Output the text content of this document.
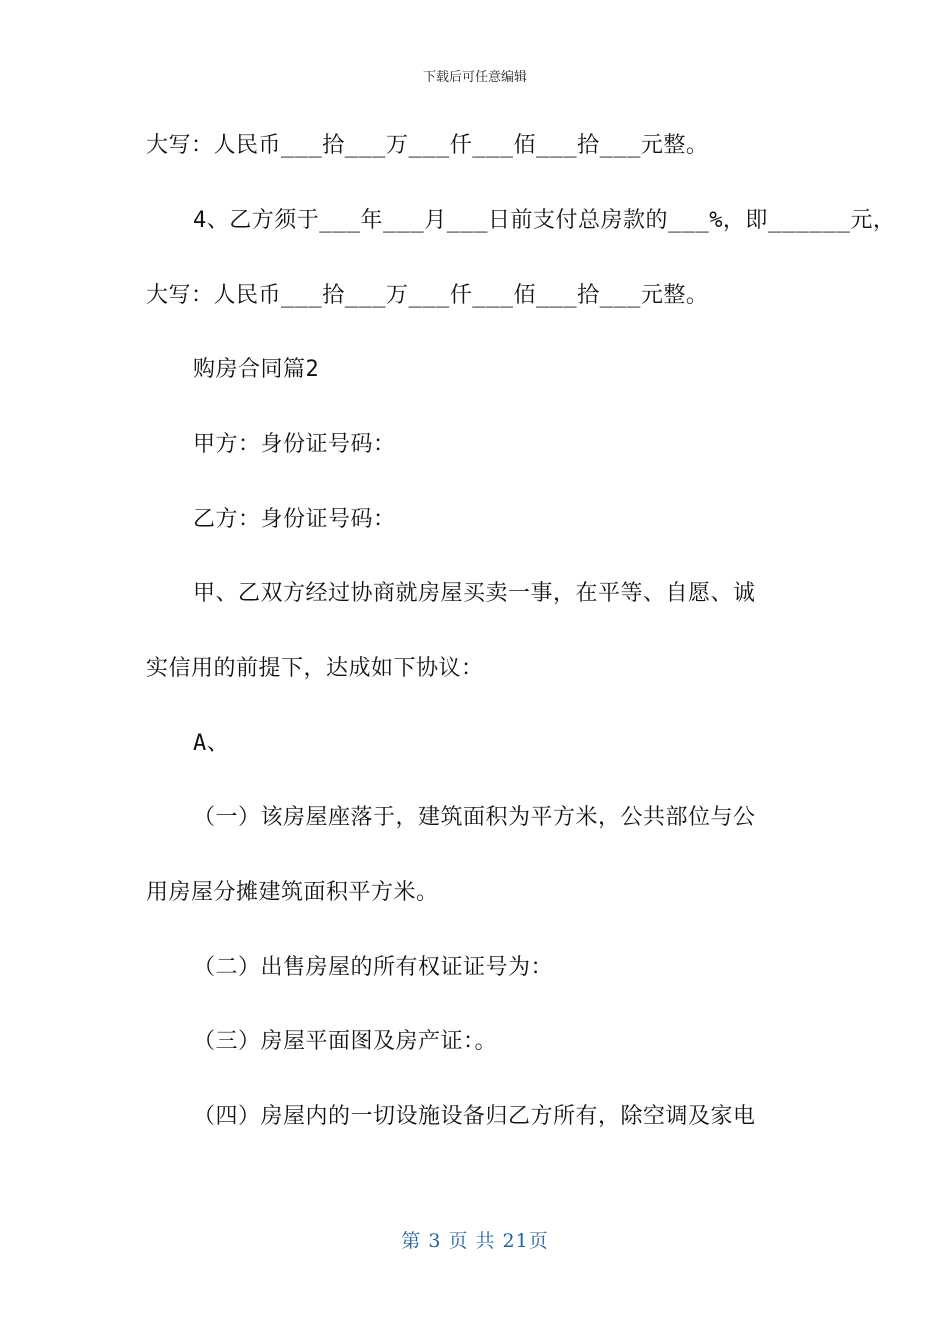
下载后可任意编辑
大写：人民币___拾___万___仟___佰___拾___元整。
4、乙方须于___年___月___日前支付总房款的___%，即______元，
大写：人民币___拾___万___仟___佰___拾___元整。
购房合同篇2
甲方：身份证号码：
乙方：身份证号码：
甲、乙双方经过协商就房屋买卖一事，在平等、自愿、诚
实信用的前提下，达成如下协议：
A、
（一）该房屋座落于，建筑面积为平方米，公共部位与公
用房屋分摊建筑面积平方米。
（二）出售房屋的所有权证证号为：
（三）房屋平面图及房产证：。
（四）房屋内的一切设施设备归乙方所有，除空调及家电
第 3 页 共 21页
